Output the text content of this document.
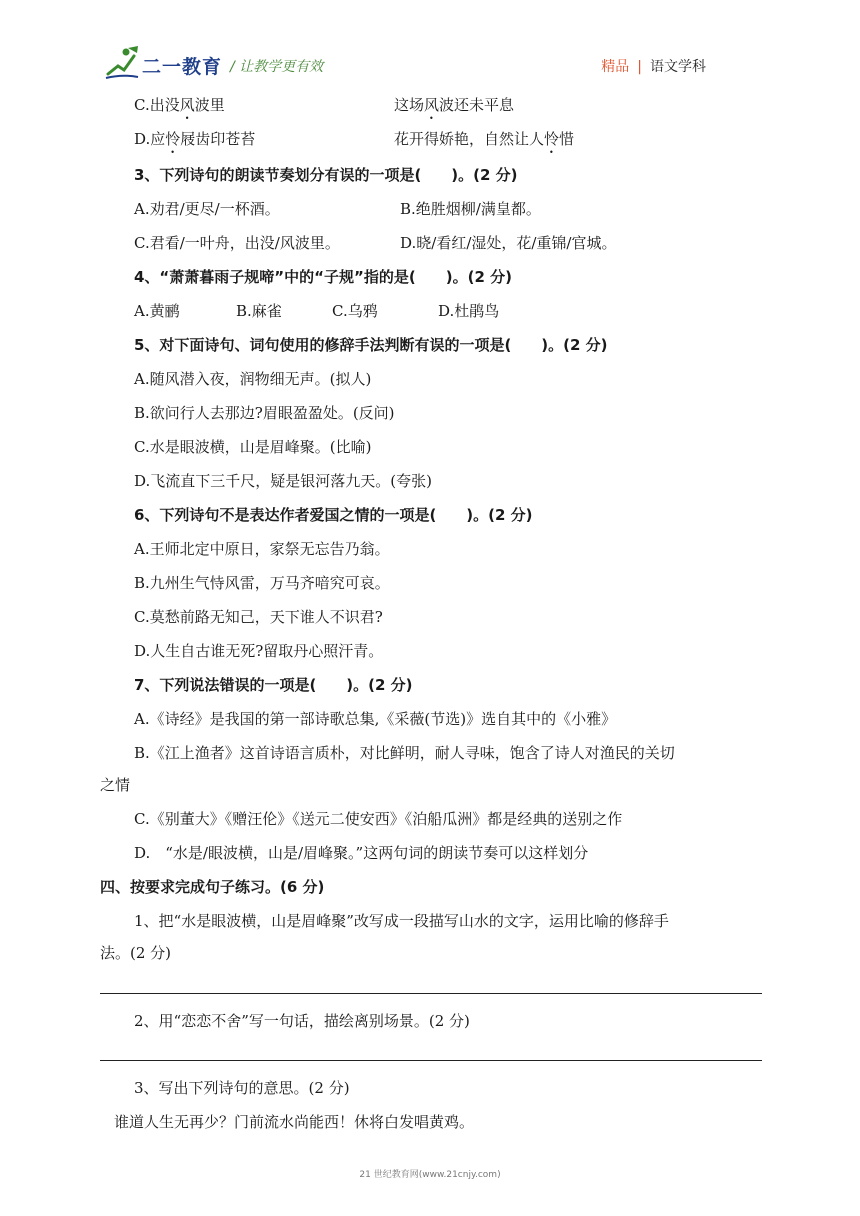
二一教育 / 让教学更有效	精品 | 语文学科
C.出没风波里	这场风波还未平息
D.应怜屐齿印苍苔	花开得娇艳，自然让人怜惜
3、下列诗句的朗读节奏划分有误的一项是(　　)。(2 分)
A.劝君/更尽/一杯酒。	B.绝胜烟柳/满皇都。
C.君看/一叶舟，出没/风波里。	D.晓/看红/湿处，花/重锦/官城。
4、“萧萧暮雨子规啼”中的“子规”指的是(　　)。(2 分)
A.黄鹂	B.麻雀	C.乌鸦	D.杜鹃鸟
5、对下面诗句、词句使用的修辞手法判断有误的一项是(　　)。(2 分)
A.随风潜入夜，润物细无声。(拟人)
B.欲问行人去那边?眉眼盈盈处。(反问)
C.水是眼波横，山是眉峰聚。(比喻)
D.飞流直下三千尺，疑是银河落九天。(夸张)
6、下列诗句不是表达作者爱国之情的一项是(　　)。(2 分)
A.王师北定中原日，家祭无忘告乃翁。
B.九州生气恃风雷，万马齐喑究可哀。
C.莫愁前路无知己，天下谁人不识君?
D.人生自古谁无死?留取丹心照汗青。
7、下列说法错误的一项是(　　)。(2 分)
A.《诗经》是我国的第一部诗歌总集,《采薇(节选)》选自其中的《小雅》
B.《江上渔者》这首诗语言质朴，对比鲜明，耐人寻味，饱含了诗人对渔民的关切
之情
C.《别董大》《赠汪伦》《送元二使安西》《泊船瓜洲》都是经典的送别之作
D.　“水是/眼波横，山是/眉峰聚。”这两句词的朗读节奏可以这样划分
四、按要求完成句子练习。(6 分)
1、把“水是眼波横，山是眉峰聚”改写成一段描写山水的文字，运用比喻的修辞手
法。(2 分)
2、用“恋恋不舍”写一句话，描绘离别场景。(2 分)
3、写出下列诗句的意思。(2 分)
谁道人生无再少？门前流水尚能西！休将白发唱黄鸡。
21 世纪教育网(www.21cnjy.com)
